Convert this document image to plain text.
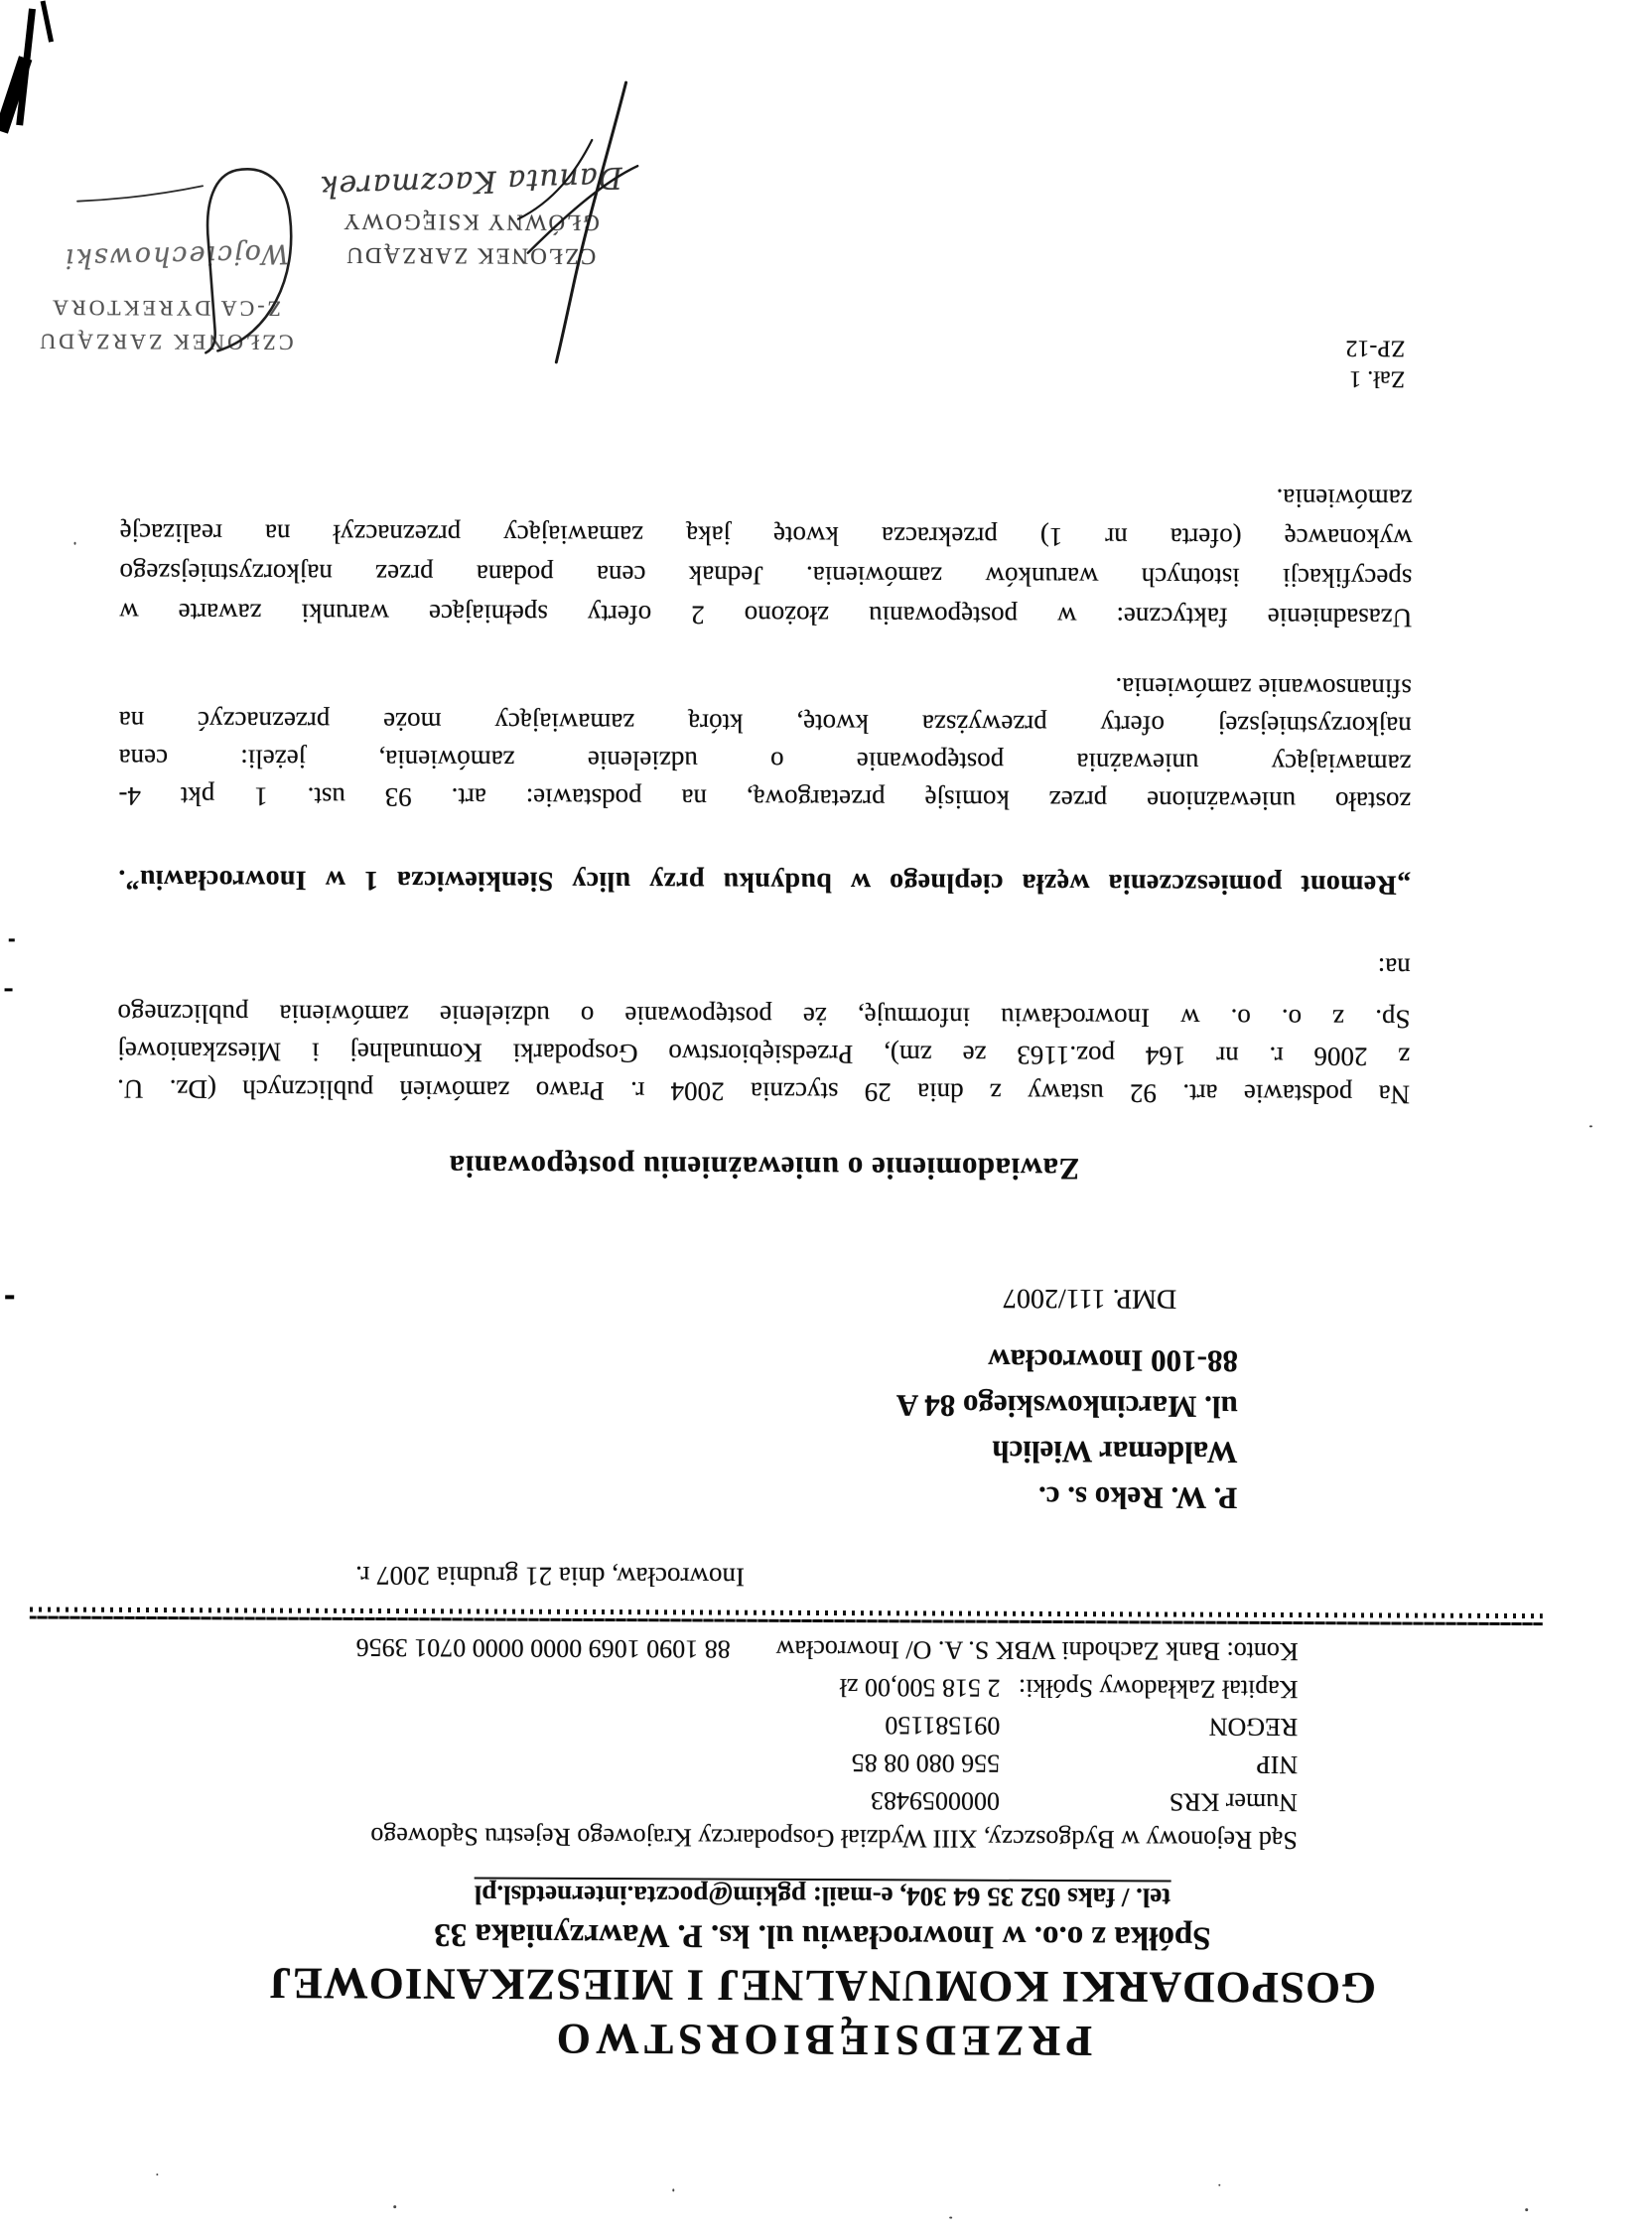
PRZEDSIĘBIORSTWO
GOSPODARKI KOMUNALNEJ I MIESZKANIOWEJ
Spółka z o.o. w Inowrocławiu ul. ks. P. Wawrzyniaka 33
tel. / faks 052 35 64 304, e-mail: pgkim@poczta.internetdsl.pl
Sąd Rejonowy w Bydgoszczy, XIII Wydział Gospodarczy Krajowego Rejestru Sądowego
Numer KRS
0000059483
NIP
556 080 08 85
REGON
091581150
Kapitał Zakładowy Spółki:
2 518 500,00 zł
Konto: Bank Zachodni WBK S. A. O/ Inowrocław
88 1090 1069 0000 0000 0701 3956
Inowrocław, dnia 21 grudnia 2007 r.
P. W. Reko s. c.
Waldemar Wielich
ul. Marcinkowskiego 84 A
88-100 Inowrocław
DMP. 111/2007
Zawiadomienie o unieważnieniu postępowania
Na podstawie art. 92 ustawy z dnia 29 stycznia 2004 r. Prawo zamówień publicznych (Dz. U.
z 2006 r. nr 164 poz.1163 ze zm), Przedsiębiorstwo Gospodarki Komunalnej i Mieszkaniowej
Sp. z o. o. w Inowrocławiu informuję, że postępowanie o udzielenie zamówienia publicznego
na:
„Remont pomieszczenia węzła cieplnego w budynku przy ulicy Sienkiewicza 1 w Inowrocławiu”.
zostało unieważnione przez komisję przetargową, na podstawie: art. 93 ust. 1 pkt 4-
zamawiający unieważnia postępowanie o udzielenie zamówienia, jeżeli: cena
najkorzystniejszej oferty przewyższa kwotę, którą zamawiający może przeznaczyć na
sfinansowanie zamówienia.
Uzasadnienie faktyczne: w postępowaniu złożono 2 oferty spełniające warunki zawarte w
specyfikacji istotnych warunków zamówienia. Jednak cena podana przez najkorzystniejszego
wykonawcę (oferta nr 1) przekracza kwotę jaką zamawiający przeznaczył na realizację
zamówienia.
Zał. 1
ZP-12
CZŁONEK ZARZĄDU
GŁÓWNY KSIĘGOWY
Danuta Kaczmarek
CZŁONEK ZARZĄDU
Z-CA DYREKTORA
Wojciechowski
